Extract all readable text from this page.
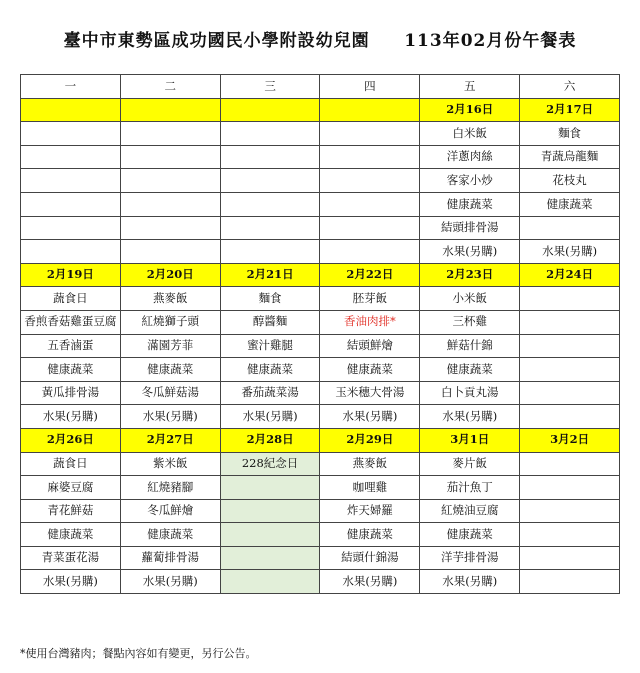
臺中市東勢區成功國民小學附設幼兒園     113年02月份午餐表
一	二	三	四	五	六
				2月16日	2月17日
				白米飯	麵食
				洋蔥肉絲	青蔬烏龍麵
				客家小炒	花枝丸
				健康蔬菜	健康蔬菜
				結頭排骨湯	
				水果(另購)	水果(另購)
2月19日	2月20日	2月21日	2月22日	2月23日	2月24日
蔬食日	燕麥飯	麵食	胚芽飯	小米飯	
香煎香菇雞蛋豆腐	紅燒獅子頭	醇醬麵	香油肉排*	三杯雞	
五香滷蛋	滿園芳菲	蜜汁雞腿	結頭鮮燴	鮮菇什錦	
健康蔬菜	健康蔬菜	健康蔬菜	健康蔬菜	健康蔬菜	
黃瓜排骨湯	冬瓜鮮菇湯	番茄蔬菜湯	玉米穗大骨湯	白卜貢丸湯	
水果(另購)	水果(另購)	水果(另購)	水果(另購)	水果(另購)	
2月26日	2月27日	2月28日	2月29日	3月1日	3月2日
蔬食日	紫米飯	228紀念日	燕麥飯	麥片飯	
麻婆豆腐	紅燒豬腳		咖哩雞	茄汁魚丁	
青花鮮菇	冬瓜鮮燴		炸天婦羅	紅燒油豆腐	
健康蔬菜	健康蔬菜		健康蔬菜	健康蔬菜	
青菜蛋花湯	蘿蔔排骨湯		結頭什錦湯	洋芋排骨湯	
水果(另購)	水果(另購)		水果(另購)	水果(另購)	
*使用台灣豬肉；餐點內容如有變更，另行公告。
